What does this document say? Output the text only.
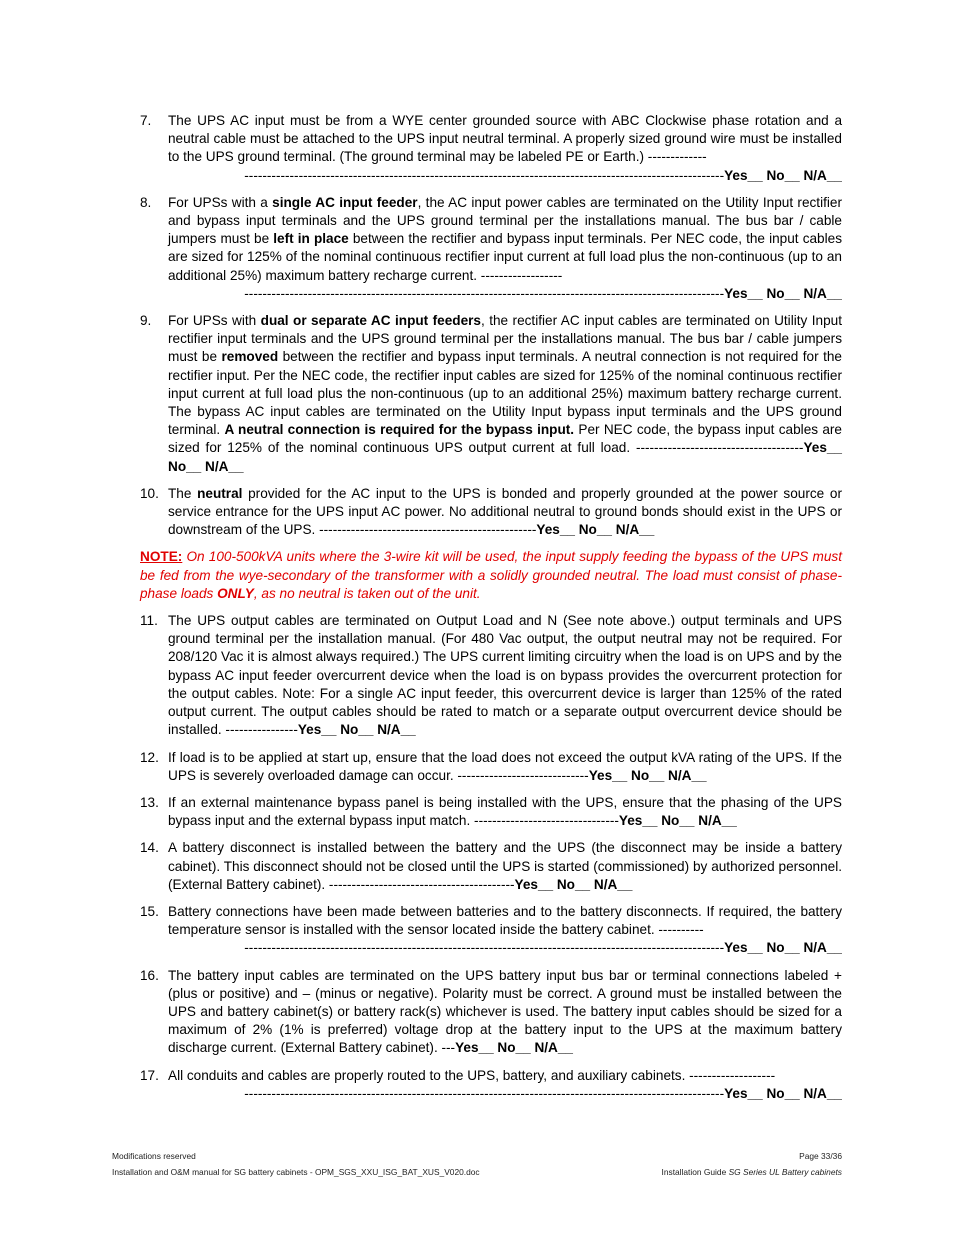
7.	The UPS AC input must be from a WYE center grounded source with ABC Clockwise phase rotation and a neutral cable must be attached to the UPS input neutral terminal. A properly sized ground wire must be installed to the UPS ground terminal. (The ground terminal may be labeled PE or Earth.) -------------
----------------------------------------------------------------------------------------------------------Yes__ No__ N/A__
8.	For UPSs with a single AC input feeder, the AC input power cables are terminated on the Utility Input rectifier and bypass input terminals and the UPS ground terminal per the installations manual. The bus bar / cable jumpers must be left in place between the rectifier and bypass input terminals. Per NEC code, the input cables are sized for 125% of the nominal continuous rectifier input current at full load plus the non-continuous (up to an additional 25%) maximum battery recharge current. ------------------
----------------------------------------------------------------------------------------------------------Yes__ No__ N/A__
9.	For UPSs with dual or separate AC input feeders, the rectifier AC input cables are terminated on Utility Input rectifier input terminals and the UPS ground terminal per the installations manual. The bus bar / cable jumpers must be removed between the rectifier and bypass input terminals. A neutral connection is not required for the rectifier input. Per the NEC code, the rectifier input cables are sized for 125% of the nominal continuous rectifier input current at full load plus the non-continuous (up to an additional 25%) maximum battery recharge current. The bypass AC input cables are terminated on the Utility Input bypass input terminals and the UPS ground terminal. A neutral connection is required for the bypass input. Per NEC code, the bypass input cables are sized for 125% of the nominal continuous UPS output current at full load. -------------------------------------Yes__ No__ N/A__
10. The neutral provided for the AC input to the UPS is bonded and properly grounded at the power source or service entrance for the UPS input AC power. No additional neutral to ground bonds should exist in the UPS or downstream of the UPS. ------------------------------------------------Yes__ No__ N/A__

NOTE: On 100-500kVA units where the 3-wire kit will be used, the input supply feeding the bypass of the UPS must be fed from the wye-secondary of the transformer with a solidly grounded neutral. The load must consist of phase-phase loads ONLY, as no neutral is taken out of the unit.

11. The UPS output cables are terminated on Output Load and N (See note above.) output terminals and UPS ground terminal per the installation manual. (For 480 Vac output, the output neutral may not be required. For 208/120 Vac it is almost always required.) The UPS current limiting circuitry when the load is on UPS and by the bypass AC input feeder overcurrent device when the load is on bypass provides the overcurrent protection for the output cables. Note: For a single AC input feeder, this overcurrent device is larger than 125% of the rated output current. The output cables should be rated to match or a separate output overcurrent device should be installed. ----------------Yes__ No__ N/A__
12. If load is to be applied at start up, ensure that the load does not exceed the output kVA rating of the UPS. If the UPS is severely overloaded damage can occur. -----------------------------Yes__ No__ N/A__
13. If an external maintenance bypass panel is being installed with the UPS, ensure that the phasing of the UPS bypass input and the external bypass input match. --------------------------------Yes__ No__ N/A__
14. A battery disconnect is installed between the battery and the UPS (the disconnect may be inside a battery cabinet). This disconnect should not be closed until the UPS is started (commissioned) by authorized personnel. (External Battery cabinet). -----------------------------------------Yes__ No__ N/A__
15. Battery connections have been made between batteries and to the battery disconnects. If required, the battery temperature sensor is installed with the sensor located inside the battery cabinet. ----------
----------------------------------------------------------------------------------------------------------Yes__ No__ N/A__
16. The battery input cables are terminated on the UPS battery input bus bar or terminal connections labeled + (plus or positive) and – (minus or negative). Polarity must be correct. A ground must be installed between the UPS and battery cabinet(s) or battery rack(s) whichever is used. The battery input cables should be sized for a maximum of 2% (1% is preferred) voltage drop at the battery input to the UPS at the maximum battery discharge current. (External Battery cabinet). ---Yes__ No__ N/A__
17. All conduits and cables are properly routed to the UPS, battery, and auxiliary cabinets. -------------------
----------------------------------------------------------------------------------------------------------Yes__ No__ N/A__
Modifications reserved	Page 33/36
Installation and O&M manual for SG battery cabinets - OPM_SGS_XXU_ISG_BAT_XUS_V020.doc	Installation Guide SG Series UL Battery cabinets
